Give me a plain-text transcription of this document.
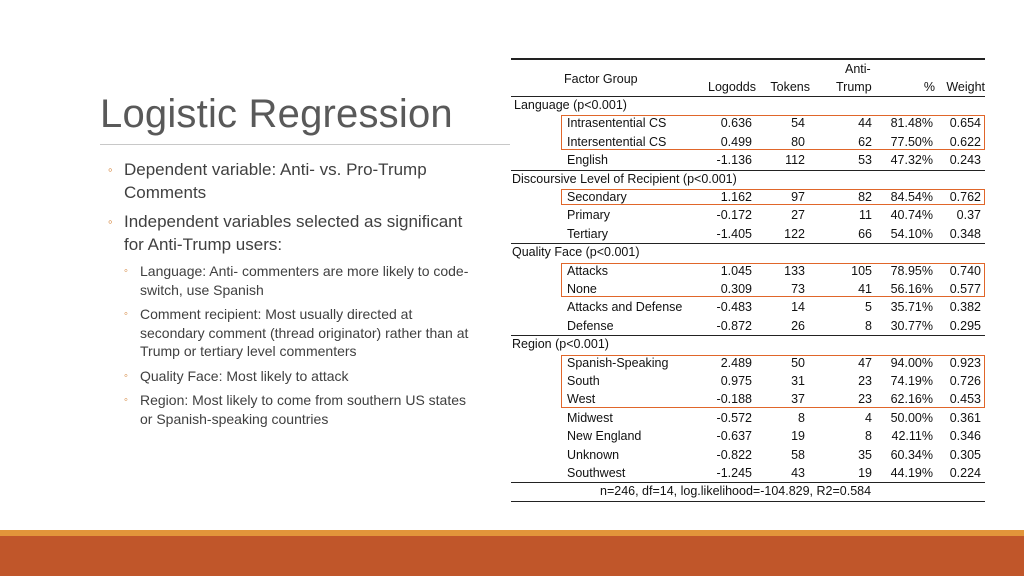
Logistic Regression
◦ Dependent variable: Anti- vs. Pro-Trump Comments
◦ Independent variables selected as significant for Anti-Trump users:
◦ Language: Anti- commenters are more likely to code-switch, use Spanish
◦ Comment recipient: Most usually directed at secondary comment (thread originator) rather than at Trump or tertiary level commenters
◦ Quality Face: Most likely to attack
◦ Region: Most likely to come from southern US states or Spanish-speaking countries
Factor Group
Anti-
Logodds Tokens Trump	% Weight
Language (p<0.001)
Intrasentential CS	0.636	54	44 81.48% 0.654
Intersentential CS	0.499	80	62 77.50% 0.622
English	-1.136	112	53 47.32% 0.243
Discoursive Level of Recipient (p<0.001)
Secondary	1.162	97	82 84.54% 0.762
Primary	-0.172	27	11 40.74% 0.37
Tertiary	-1.405	122	66 54.10% 0.348
Quality Face (p<0.001)
Attacks	1.045	133	105 78.95% 0.740
None	0.309	73	41 56.16% 0.577
Attacks and Defense	-0.483	14	5 35.71% 0.382
Defense	-0.872	26	8 30.77% 0.295
Region (p<0.001)
Spanish-Speaking	2.489	50	47 94.00% 0.923
South	0.975	31	23 74.19% 0.726
West	-0.188	37	23 62.16% 0.453
Midwest	-0.572	8	4 50.00% 0.361
New England	-0.637	19	8 42.11% 0.346
Unknown	-0.822	58	35 60.34% 0.305
Southwest	-1.245	43	19 44.19% 0.224
n=246, df=14, log.likelihood=-104.829, R2=0.584
